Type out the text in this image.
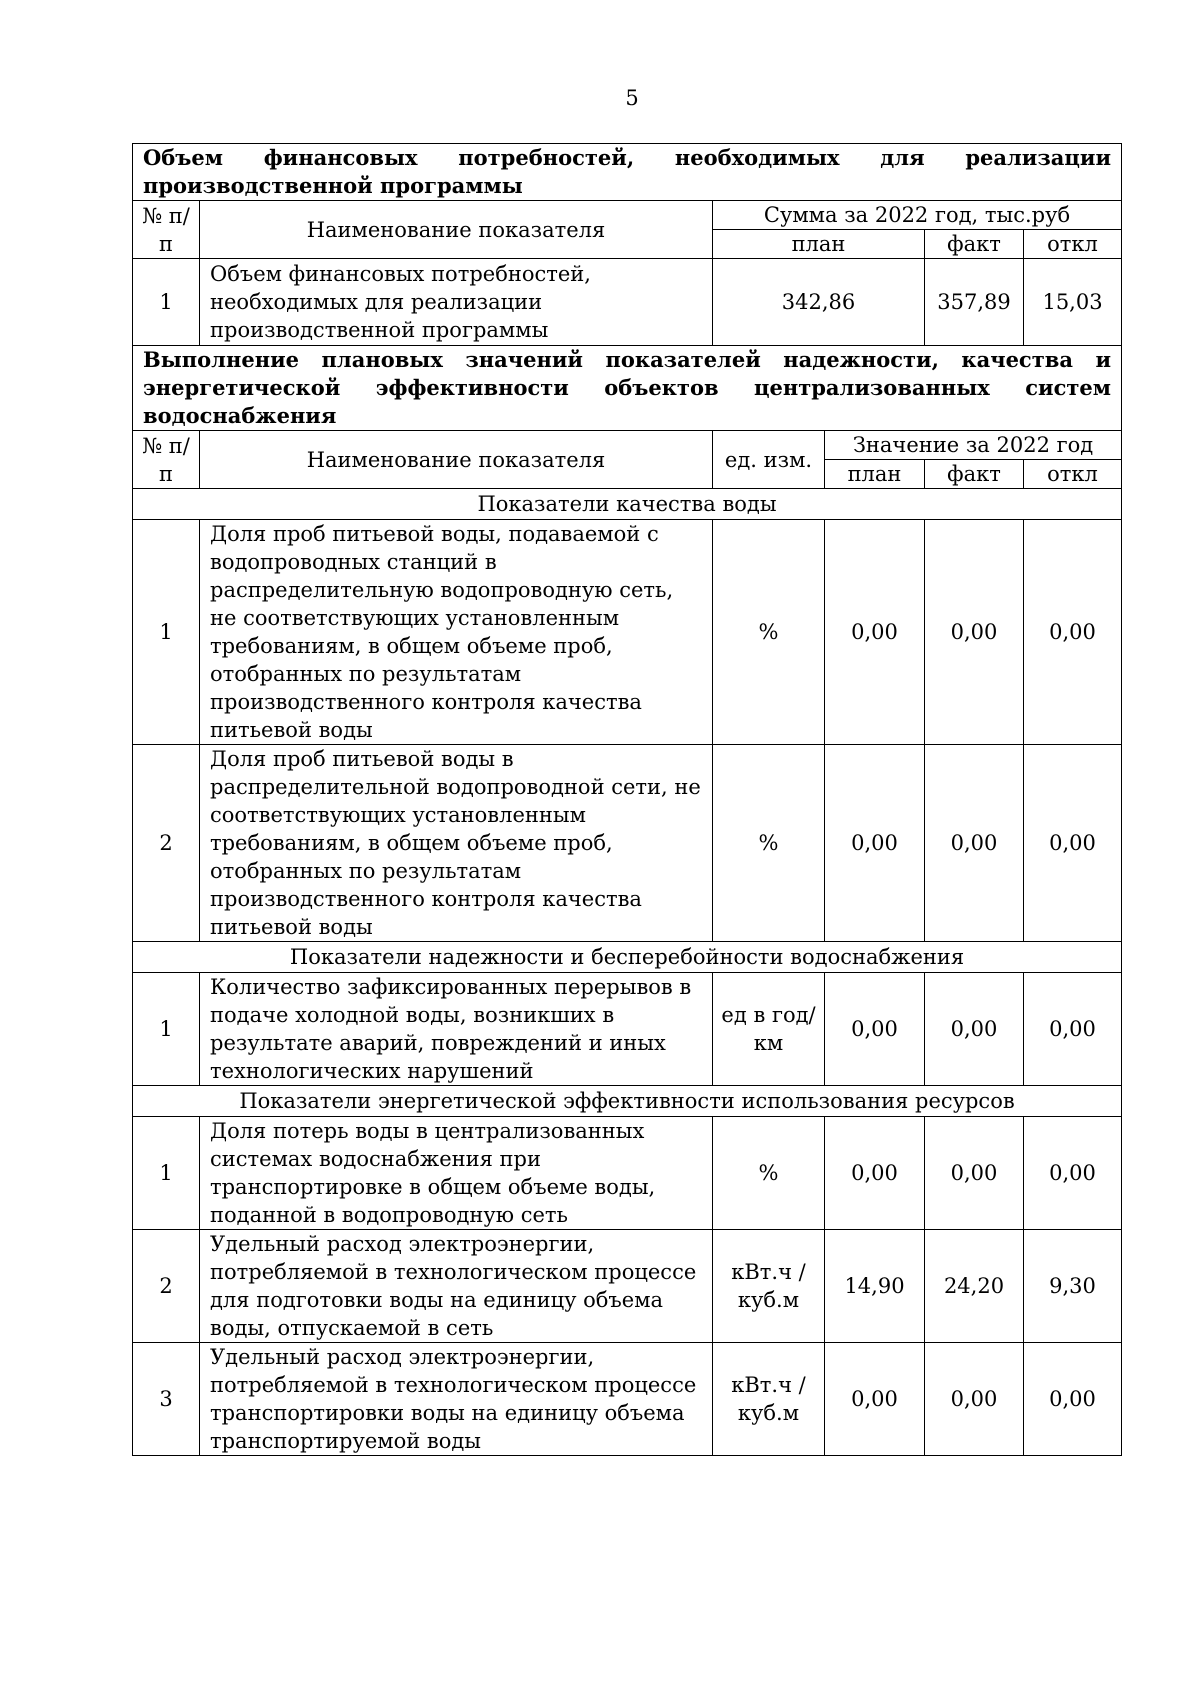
5
Объем финансовых потребностей, необходимых для реализации производственной программы					
№ п/п	Наименование показателя	Сумма за 2022 год, тыс.руб			
		план		факт	откл
1	Объем финансовых потребностей, необходимых для реализации производственной программы	342,86		357,89	15,03
Выполнение плановых значений показателей надежности, качества и энергетической эффективности объектов централизованных систем водоснабжения					
№ п/п	Наименование показателя	ед. изм.	Значение за 2022 год		
			план	факт	откл
Показатели качества воды					
1	Доля проб питьевой воды, подаваемой с водопроводных станций в распределительную водопроводную сеть, не соответствующих установленным требованиям, в общем объеме проб, отобранных по результатам производственного контроля качества питьевой воды	%	0,00	0,00	0,00
2	Доля проб питьевой воды в распределительной водопроводной сети, не соответствующих установленным требованиям, в общем объеме проб, отобранных по результатам производственного контроля качества питьевой воды	%	0,00	0,00	0,00
Показатели надежности и бесперебойности водоснабжения					
1	Количество зафиксированных перерывов в подаче холодной воды, возникших в результате аварий, повреждений и иных технологических нарушений	ед в год/ км	0,00	0,00	0,00
Показатели энергетической эффективности использования ресурсов					
1	Доля потерь воды в централизованных системах водоснабжения при транспортировке в общем объеме воды, поданной в водопроводную сеть	%	0,00	0,00	0,00
2	Удельный расход электроэнергии, потребляемой в технологическом процессе для подготовки воды на единицу объема воды, отпускаемой в сеть	кВт.ч / куб.м	14,90	24,20	9,30
3	Удельный расход электроэнергии, потребляемой в технологическом процессе транспортировки воды на единицу объема транспортируемой воды	кВт.ч / куб.м	0,00	0,00	0,00
